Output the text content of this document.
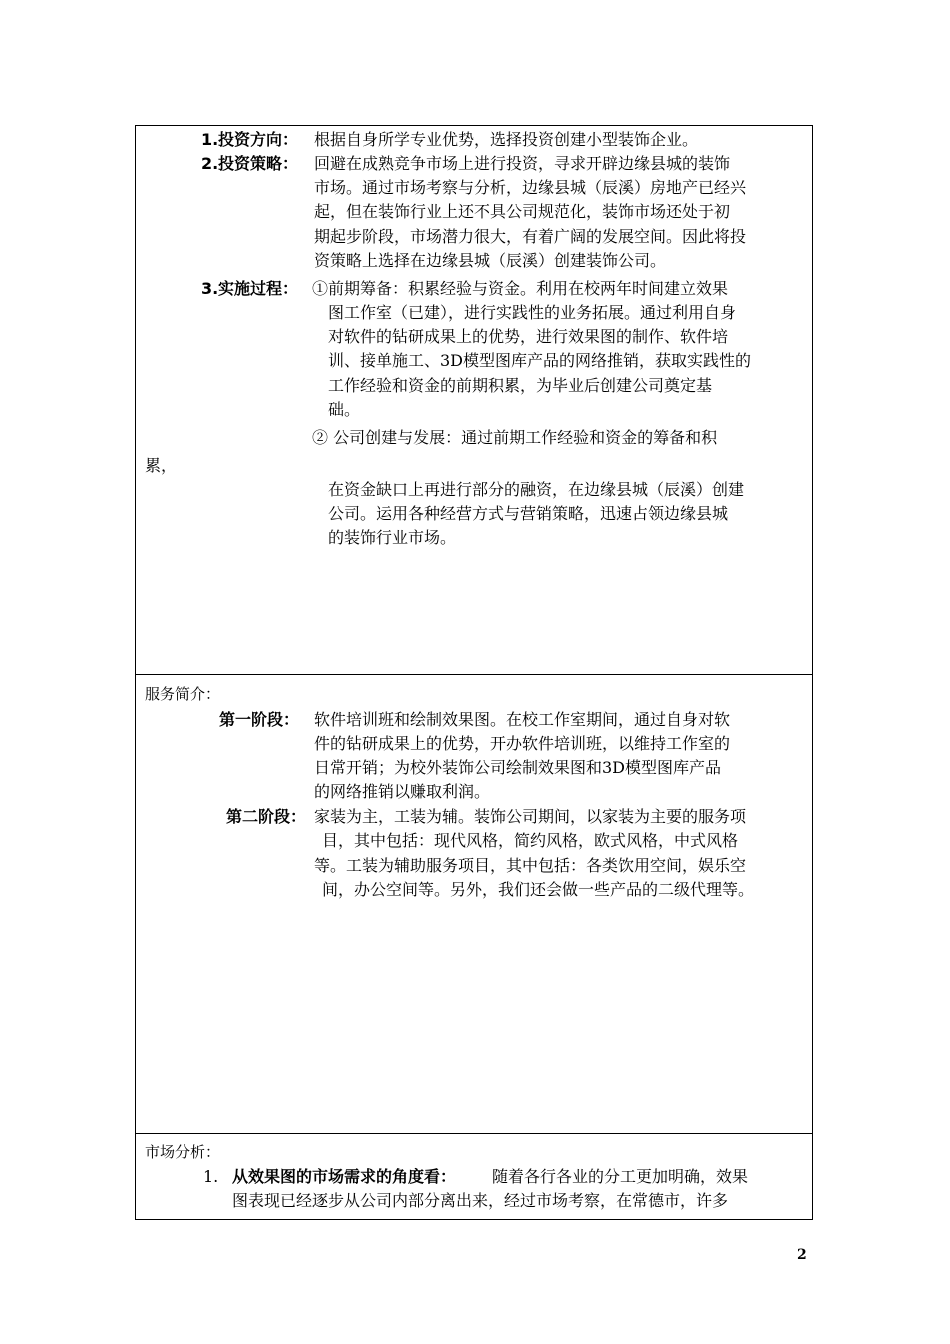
1. 投资方向： 根据自身所学专业优势，选择投资创建小型装饰企业。
2. 投资策略： 回避在成熟竞争市场上进行投资，寻求开辟边缘县城的装饰
市场。通过市场考察与分析，边缘县城（辰溪）房地产已经兴
起，但在装饰行业上还不具公司规范化，装饰市场还处于初
期起步阶段，市场潜力很大，有着广阔的发展空间。因此将投
资策略上选择在边缘县城（辰溪）创建装饰公司。
3. 实施过程： ①前期筹备：积累经验与资金。利用在校两年时间建立效果
图工作室（已建），进行实践性的业务拓展。通过利用自身
对软件的钻研成果上的优势，进行效果图的制作、软件培
训、接单施工、3D模型图库产品的网络推销，获取实践性的
工作经验和资金的前期积累，为毕业后创建公司奠定基
础。
② 公司创建与发展：通过前期工作经验和资金的筹备和积
累，
在资金缺口上再进行部分的融资，在边缘县城（辰溪）创建
公司。运用各种经营方式与营销策略，迅速占领边缘县城
的装饰行业市场。
服务简介：
第一阶段： 软件培训班和绘制效果图。在校工作室期间，通过自身对软
件的钻研成果上的优势，开办软件培训班，以维持工作室的
日常开销；为校外装饰公司绘制效果图和3D模型图库产品
的网络推销以赚取利润。
第二阶段： 家装为主，工装为辅。装饰公司期间，以家装为主要的服务项
目，其中包括：现代风格，简约风格，欧式风格，中式风格
等。工装为辅助服务项目，其中包括：各类饮用空间，娱乐空
间，办公空间等。另外，我们还会做一些产品的二级代理等。
市场分析：
1. 从效果图的市场需求的角度看： 随着各行各业的分工更加明确，效果
图表现已经逐步从公司内部分离出来，经过市场考察，在常德市，许多
2
